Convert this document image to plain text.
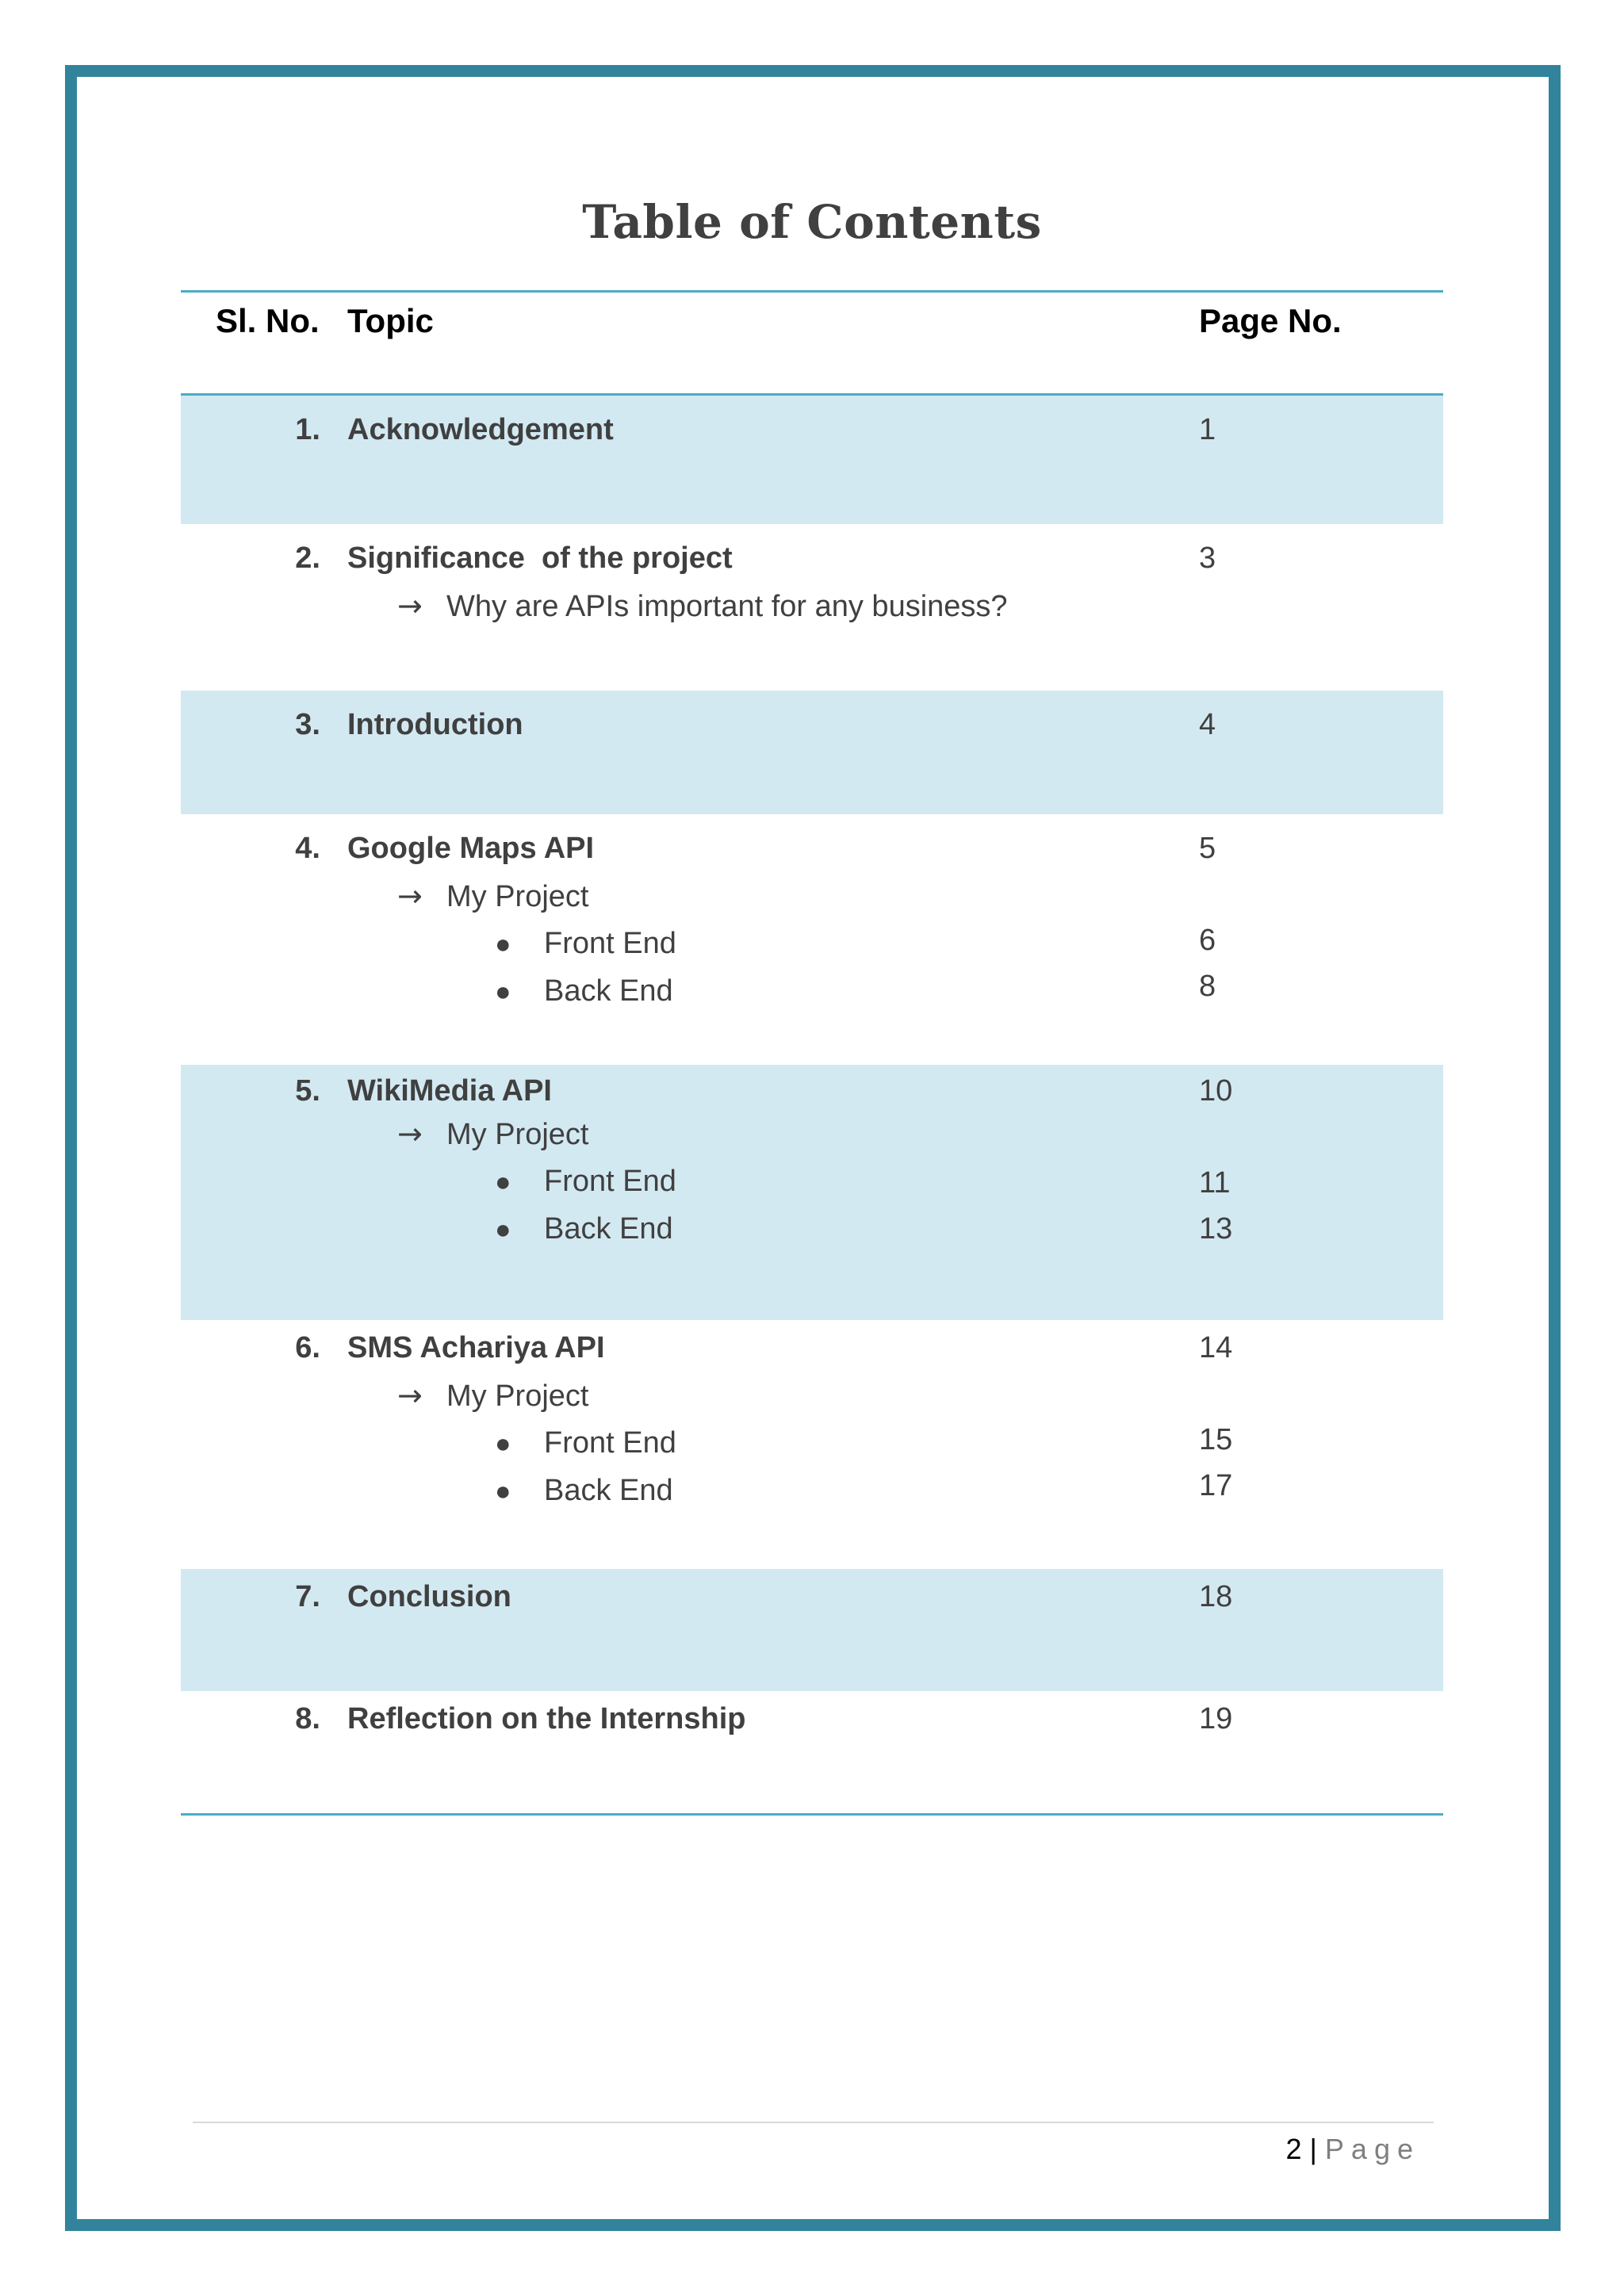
Table of Contents
Sl. No. Topic	Page No.
1. Acknowledgement	1
2. Significance  of the project	3
→ Why are APIs important for any business?
3. Introduction	4
4. Google Maps API	5
→ My Project
● Front End	6
● Back End	8
5. WikiMedia API	10
→ My Project
● Front End	11
● Back End	13
6. SMS Achariya API	14
→ My Project
● Front End	15
● Back End	17
7. Conclusion	18
8. Reflection on the Internship	19
2 | Page
